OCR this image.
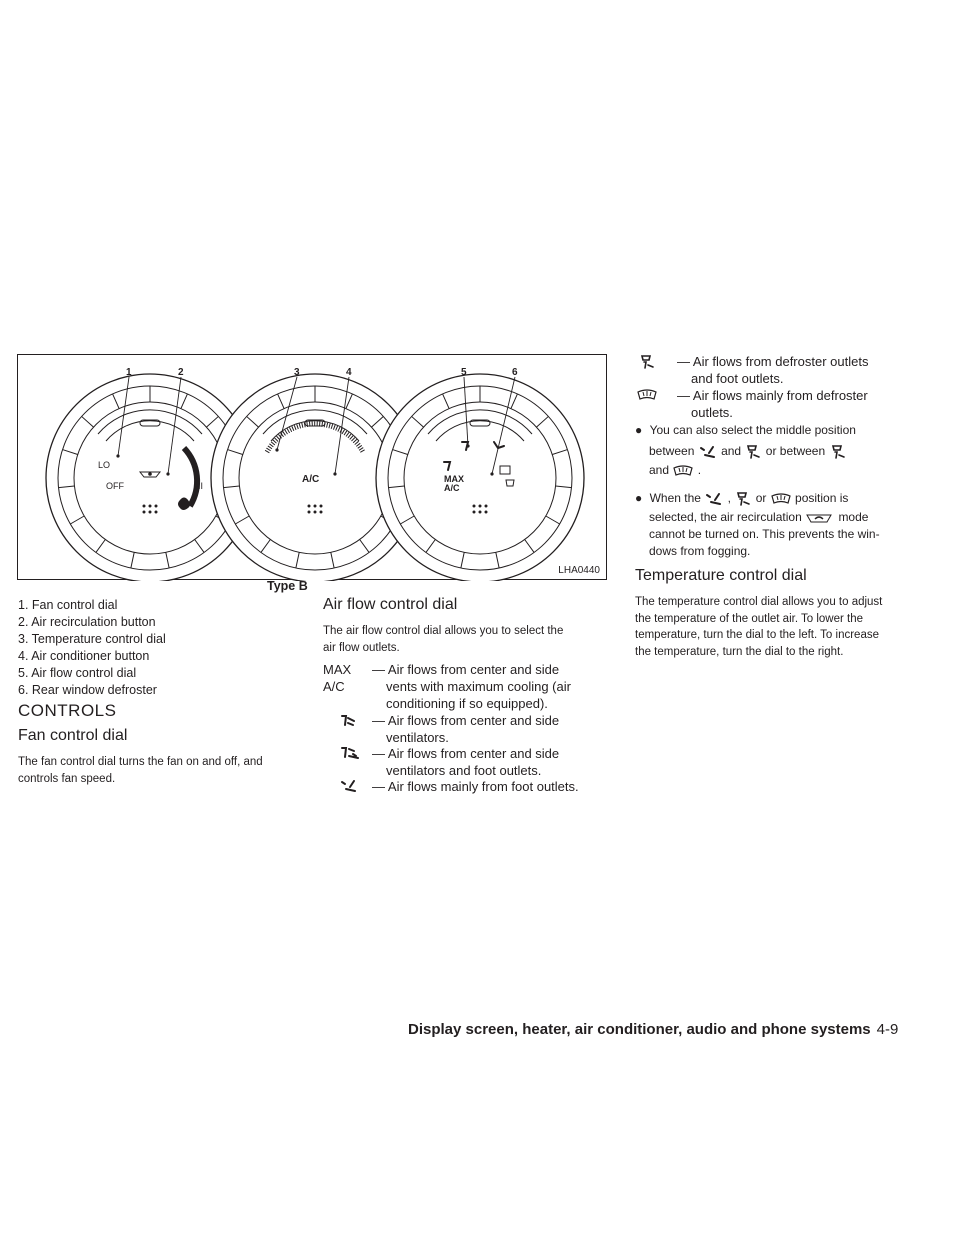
LO
OFF	HI
A/C	MAX
A/C
1	2	3	4	5	6
LHA0440
Type B
1. Fan control dial
2. Air recirculation button
3. Temperature control dial
4. Air conditioner button
5. Air flow control dial
6. Rear window defroster
CONTROLS
Fan control dial
The fan control dial turns the fan on and off, and
controls fan speed.
Air flow control dial
The air flow control dial allows you to select the
air flow outlets.
MAX
A/C
— Air flows from center and side
vents with maximum cooling (air
conditioning if so equipped).
— Air flows from center and side
ventilators.
— Air flows from center and side
ventilators and foot outlets.
— Air flows mainly from foot outlets.
— Air flows from defroster outlets
and foot outlets.
— Air flows mainly from defroster
outlets.
● You can also select the middle position
between and or between
and .
● When the , or position is
selected, the air recirculation	mode
cannot be turned on. This prevents the win-
dows from fogging.
Temperature control dial
The temperature control dial allows you to adjust
the temperature of the outlet air. To lower the
temperature, turn the dial to the left. To increase
the temperature, turn the dial to the right.
Display screen, heater, air conditioner, audio and phone systems 4-9
